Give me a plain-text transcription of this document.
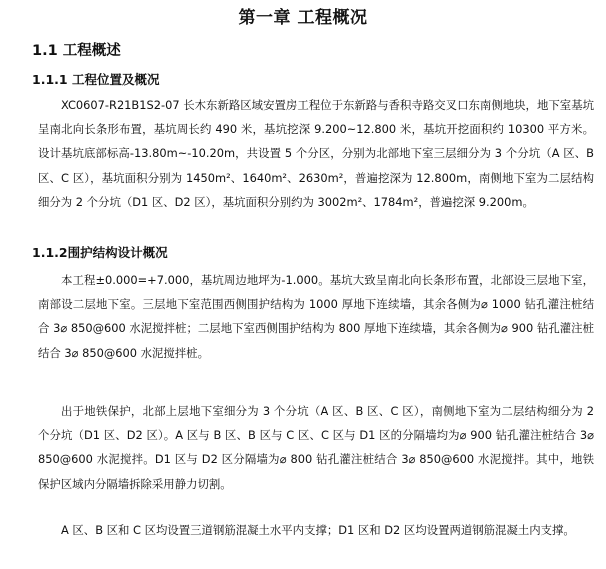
第一章 工程概况
1.1 工程概述
1.1.1 工程位置及概况
XC0607-R21B1S2-07 长木东新路区域安置房工程位于东新路与香积寺路交叉口东南侧地块，地下室基坑呈南北向长条形布置，基坑周长约 490 米，基坑挖深 9.200~12.800 米，基坑开挖面积约 10300 平方米。设计基坑底部标高-13.80m~-10.20m，共设置 5 个分区，分别为北部地下室三层细分为 3 个分坑（A 区、B 区、C 区），基坑面积分别为 1450m²、1640m²、2630m²，普遍挖深为 12.800m，南侧地下室为二层结构细分为 2 个分坑（D1 区、D2 区），基坑面积分别约为 3002m²、1784m²，普遍挖深 9.200m。
1.1.2围护结构设计概况
本工程±0.000=+7.000，基坑周边地坪为-1.000。基坑大致呈南北向长条形布置，北部设三层地下室，南部设二层地下室。三层地下室范围西侧围护结构为 1000 厚地下连续墙，其余各侧为⌀ 1000 钻孔灌注桩结合 3⌀ 850@600 水泥搅拌桩；二层地下室西侧围护结构为 800 厚地下连续墙，其余各侧为⌀ 900 钻孔灌注桩结合 3⌀ 850@600 水泥搅拌桩。
出于地铁保护，北部上层地下室细分为 3 个分坑（A 区、B 区、C 区），南侧地下室为二层结构细分为 2 个分坑（D1 区、D2 区）。A 区与 B 区、B 区与 C 区、C 区与 D1 区的分隔墙均为⌀ 900 钻孔灌注桩结合 3⌀ 850@600 水泥搅拌。D1 区与 D2 区分隔墙为⌀ 800 钻孔灌注桩结合 3⌀ 850@600 水泥搅拌。其中，地铁保护区域内分隔墙拆除采用静力切割。
A 区、B 区和 C 区均设置三道钢筋混凝土水平内支撑；D1 区和 D2 区均设置两道钢筋混凝土内支撑。
